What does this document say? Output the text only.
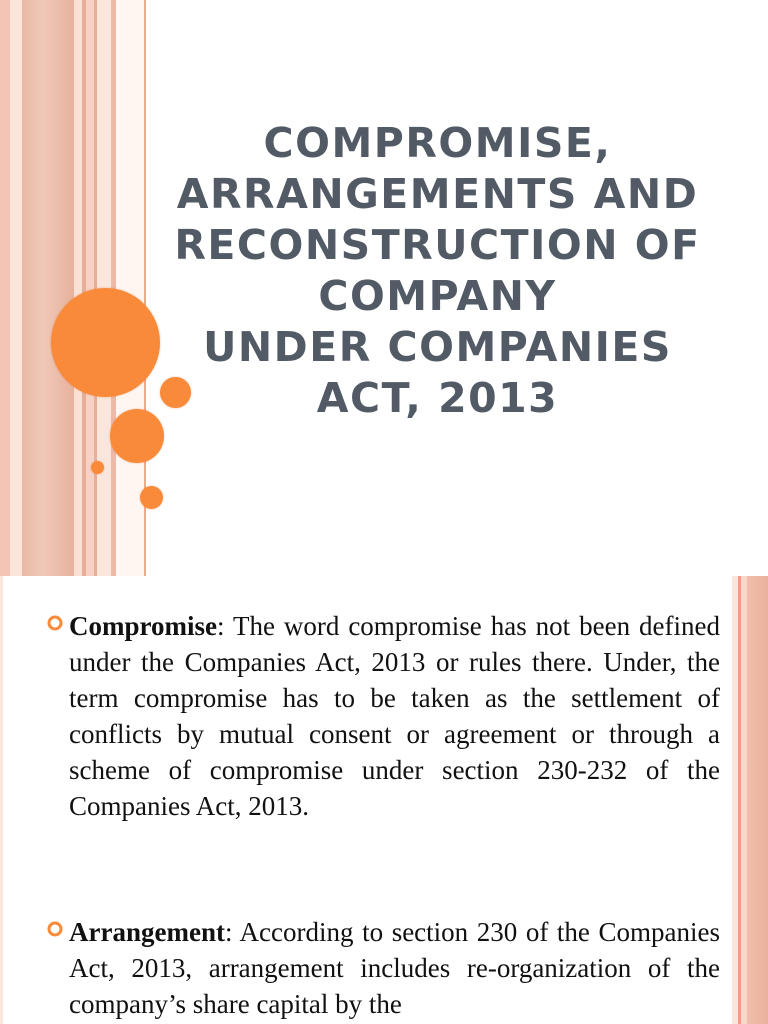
COMPROMISE,
ARRANGEMENTS AND
RECONSTRUCTION OF
COMPANY
UNDER COMPANIES
ACT, 2013

Compromise: The word compromise has not been defined under the Companies Act, 2013 or rules there. Under, the term compromise has to be taken as the settlement of conflicts by mutual consent or agreement or through a scheme of compromise under section 230-232 of the Companies Act, 2013.

Arrangement: According to section 230 of the Companies Act, 2013, arrangement includes re-organization of the company’s share capital by the
